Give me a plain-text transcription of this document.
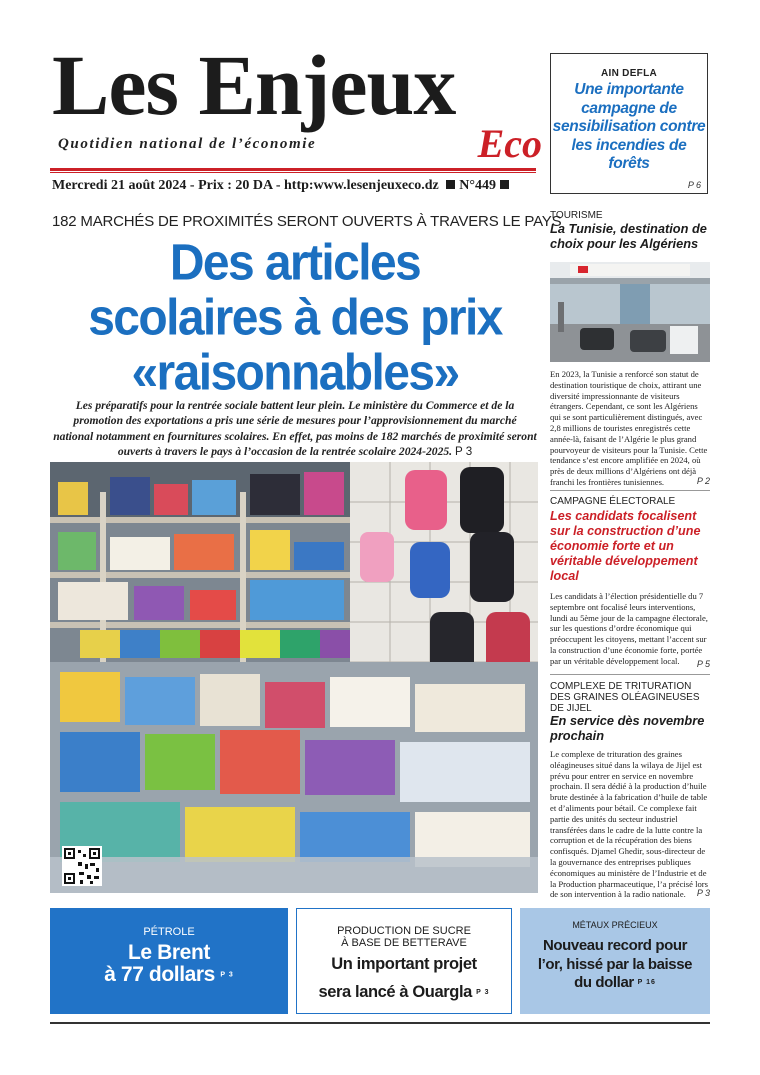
Les Enjeux
Quotidien national de l’économie	Eco
Mercredi 21 août 2024 - Prix : 20 DA - http:www.lesenjeuxeco.dz N°449
AIN DEFLA
Une importante campagne de sensibilisation contre les incendies de forêts
P 6
182 MARCHÉS DE PROXIMITÉS SERONT OUVERTS À TRAVERS LE PAYS
Des articles
scolaires à des prix
«raisonnables»
Les préparatifs pour la rentrée sociale battent leur plein. Le ministère du Commerce et de la promotion des exportations a pris une série de mesures pour l’approvisionnement du marché national notamment en fournitures scolaires. En effet, pas moins de 182 marchés de proximité seront ouverts à travers le pays à l’occasion de la rentrée scolaire 2024-2025. P 3
TOURISME
La Tunisie, destination de choix pour les Algériens
En 2023, la Tunisie a renforcé son statut de destination touristique de choix, attirant une diversité impressionnante de visiteurs étrangers. Cependant, ce sont les Algériens qui se sont particulièrement distingués, avec 2,8 millions de touristes enregistrés cette année-là, faisant de l’Algérie le plus grand pourvoyeur de visiteurs pour la Tunisie. Cette tendance s’est encore amplifiée en 2024, où près de deux millions d’Algériens ont déjà franchi les frontières tunisiennes.	P 2
CAMPAGNE ÉLECTORALE
Les candidats focalisent sur la construction d’une économie forte et un véritable développement local
Les candidats à l’élection présidentielle du 7 septembre ont focalisé leurs interventions, lundi au 5ème jour de la campagne électorale, sur les questions d’ordre économique qui préoccupent les citoyens, mettant l’accent sur la construction d’une économie forte, portée par un véritable développement local.	P 5
COMPLEXE DE TRITURATION DES GRAINES OLÉAGINEUSES DE JIJEL
En service dès novembre prochain
Le complexe de trituration des graines oléagineuses situé dans la wilaya de Jijel est prévu pour entrer en service en novembre prochain. Il sera dédié à la production d’huile brute destinée à la fabrication d’huile de table et d’aliments pour bétail. Ce complexe fait partie des unités du secteur industriel transférées dans le cadre de la lutte contre la corruption et de la récupération des biens confisqués. Djamel Ghedir, sous-directeur de la gouvernance des entreprises publiques économiques au ministère de l’Industrie et de la Production pharmaceutique, l’a précisé lors de son intervention à la radio nationale.	P 3
PÉTROLE
Le Brent
à 77 dollars P 3
PRODUCTION DE SUCRE
À BASE DE BETTERAVE
Un important projet
sera lancé à Ouargla P 3
MÉTAUX PRÉCIEUX
Nouveau record pour
l’or, hissé par la baisse
du dollar P 16
